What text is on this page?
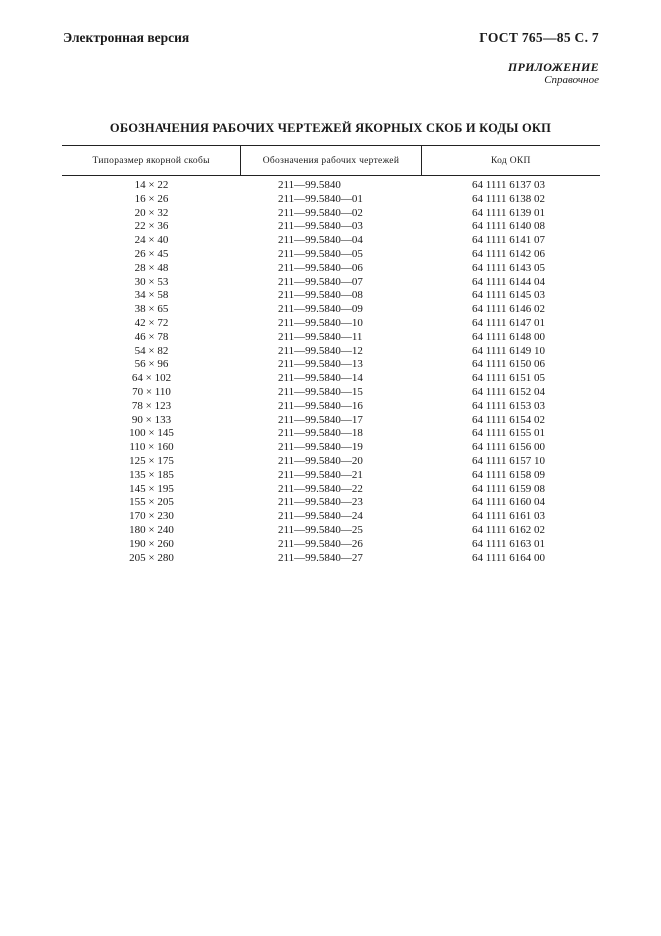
Электронная версия	ГОСТ 765—85 С. 7
ПРИЛОЖЕНИЕ
Справочное
ОБОЗНАЧЕНИЯ РАБОЧИХ ЧЕРТЕЖЕЙ ЯКОРНЫХ СКОБ И КОДЫ ОКП
Типоразмер якорной скобы	Обозначения рабочих чертежей	Код ОКП
14 × 22	211—99.5840	64 1111 6137 03
16 × 26	211—99.5840—01	64 1111 6138 02
20 × 32	211—99.5840—02	64 1111 6139 01
22 × 36	211—99.5840—03	64 1111 6140 08
24 × 40	211—99.5840—04	64 1111 6141 07
26 × 45	211—99.5840—05	64 1111 6142 06
28 × 48	211—99.5840—06	64 1111 6143 05
30 × 53	211—99.5840—07	64 1111 6144 04
34 × 58	211—99.5840—08	64 1111 6145 03
38 × 65	211—99.5840—09	64 1111 6146 02
42 × 72	211—99.5840—10	64 1111 6147 01
46 × 78	211—99.5840—11	64 1111 6148 00
54 × 82	211—99.5840—12	64 1111 6149 10
56 × 96	211—99.5840—13	64 1111 6150 06
64 × 102	211—99.5840—14	64 1111 6151 05
70 × 110	211—99.5840—15	64 1111 6152 04
78 × 123	211—99.5840—16	64 1111 6153 03
90 × 133	211—99.5840—17	64 1111 6154 02
100 × 145	211—99.5840—18	64 1111 6155 01
110 × 160	211—99.5840—19	64 1111 6156 00
125 × 175	211—99.5840—20	64 1111 6157 10
135 × 185	211—99.5840—21	64 1111 6158 09
145 × 195	211—99.5840—22	64 1111 6159 08
155 × 205	211—99.5840—23	64 1111 6160 04
170 × 230	211—99.5840—24	64 1111 6161 03
180 × 240	211—99.5840—25	64 1111 6162 02
190 × 260	211—99.5840—26	64 1111 6163 01
205 × 280	211—99.5840—27	64 1111 6164 00
